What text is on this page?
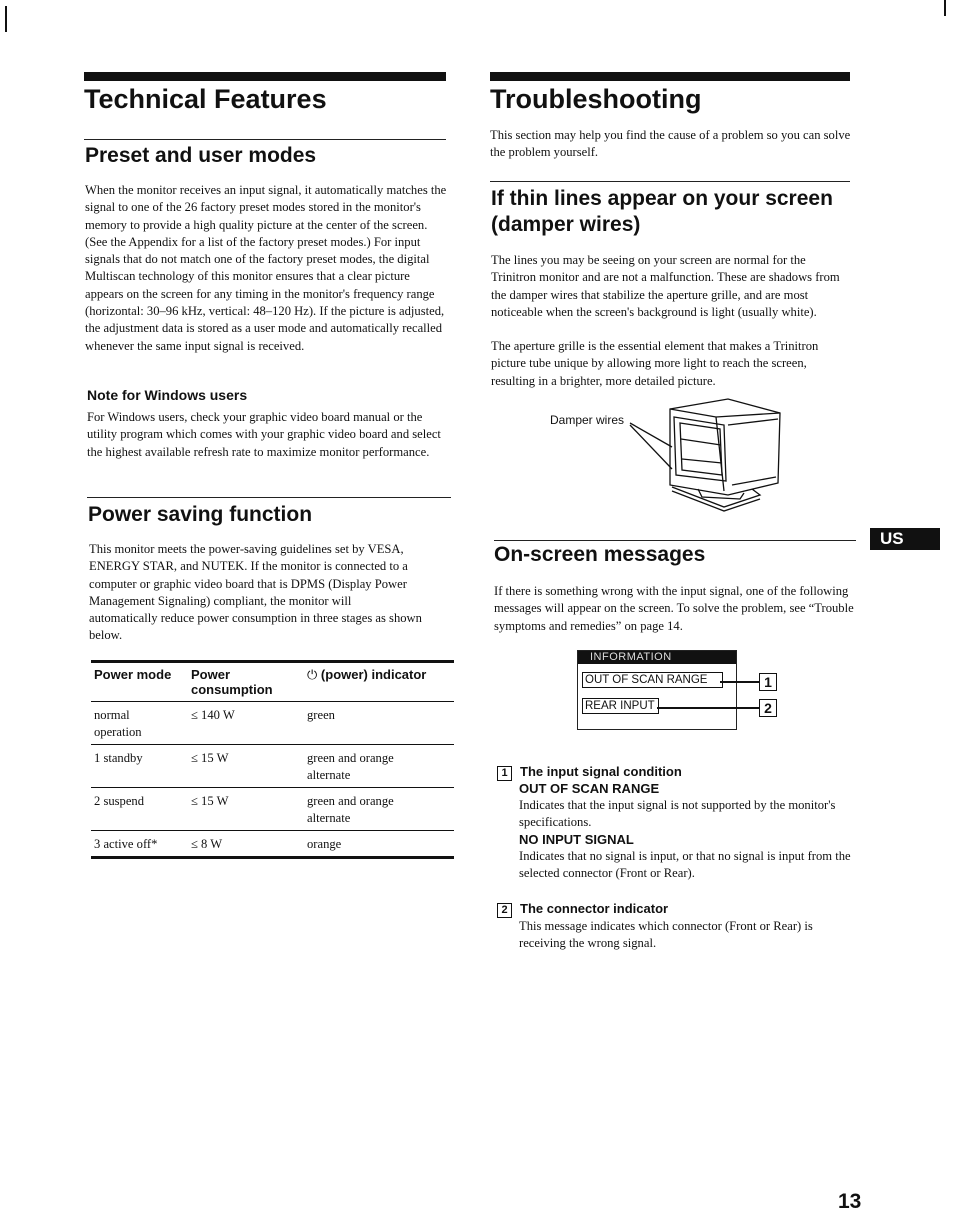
Technical Features
Preset and user modes

When the monitor receives an input signal, it automatically matches the signal to one of the 26 factory preset modes stored in the monitor's memory to provide a high quality picture at the center of the screen. (See the Appendix for a list of the factory preset modes.) For input signals that do not match one of the factory preset modes, the digital Multiscan technology of this monitor ensures that a clear picture appears on the screen for any timing in the monitor's frequency range (horizontal: 30–96 kHz, vertical: 48–120 Hz). If the picture is adjusted, the adjustment data is stored as a user mode and automatically recalled whenever the same input signal is received.

Note for Windows users

For Windows users, check your graphic video board manual or the utility program which comes with your graphic video board and select the highest available refresh rate to maximize monitor performance.

Power saving function

This monitor meets the power-saving guidelines set by VESA,

ENERGY STAR, and NUTEK. If the monitor is connected to a

computer or graphic video board that is DPMS (Display Power

Management Signaling) compliant, the monitor will

automatically reduce power consumption in three stages as shown

below.

Power mode	Power consumption	⏻ (power) indicator
normal operation	≤ 140 W	green
1 standby	≤ 15 W	green and orange alternate
2 suspend	≤ 15 W	green and orange alternate
3 active off*	≤ 8 W	orange
Troubleshooting

This section may help you find the cause of a problem so you can solve the problem yourself.

If thin lines appear on your screen
(damper wires)

The lines you may be seeing on your screen are normal for the Trinitron monitor and are not a malfunction. These are shadows from the damper wires that stabilize the aperture grille, and are most noticeable when the screen's background is light (usually white).

The aperture grille is the essential element that makes a Trinitron picture tube unique by allowing more light to reach the screen, resulting in a brighter, more detailed picture.

Damper wires
US
On-screen messages

If there is something wrong with the input signal, one of the following messages will appear on the screen. To solve the problem, see “Trouble symptoms and remedies” on page 14.

INFORMATION
OUT OF SCAN RANGE
REAR INPUT
1
2
1 The input signal condition

OUT OF SCAN RANGE

Indicates that the input signal is not supported by the monitor's specifications.

NO INPUT SIGNAL

Indicates that no signal is input, or that no signal is input from the selected connector (Front or Rear).

2 The connector indicator

This message indicates which connector (Front or Rear) is receiving the wrong signal.

13
